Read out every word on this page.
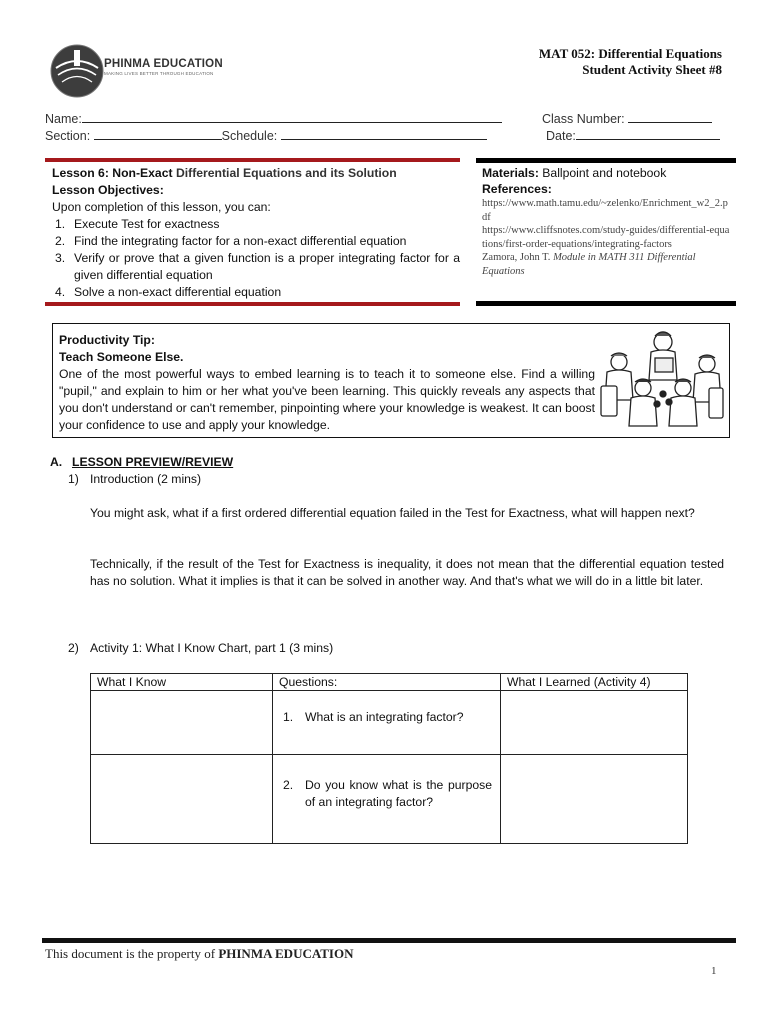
PHINMA EDUCATION
MAKING LIVES BETTER THROUGH EDUCATION
MAT 052: Differential Equations
Student Activity Sheet #8
Name:	Class Number:
Section:	Schedule:	Date:
Lesson 6: Non-Exact Differential Equations and its Solution
Lesson Objectives:
Upon completion of this lesson, you can:
1. Execute Test for exactness
2. Find the integrating factor for a non-exact differential equation
3. Verify or prove that a given function is a proper integrating factor for a given differential equation
4. Solve a non-exact differential equation
Materials: Ballpoint and notebook
References:
https://www.math.tamu.edu/~zelenko/Enrichment_w2_2.pdf
https://www.cliffsnotes.com/study-guides/differential-equations/first-order-equations/integrating-factors
Zamora, John T. Module in MATH 311 Differential Equations
Productivity Tip:
Teach Someone Else.
One of the most powerful ways to embed learning is to teach it to someone else. Find a willing "pupil," and explain to him or her what you've been learning. This quickly reveals any aspects that you don't understand or can't remember, pinpointing where your knowledge is weakest. It can boost your confidence to use and apply your knowledge.
A. LESSON PREVIEW/REVIEW
1) Introduction (2 mins)
You might ask, what if a first ordered differential equation failed in the Test for Exactness, what will happen next?
Technically, if the result of the Test for Exactness is inequality, it does not mean that the differential equation tested has no solution. What it implies is that it can be solved in another way. And that's what we will do in a little bit later.
2) Activity 1: What I Know Chart, part 1 (3 mins)
What I Know	Questions:	What I Learned (Activity 4)

	1. What is an integrating factor?	

	2. Do you know what is the purpose of an integrating factor?	

This document is the property of PHINMA EDUCATION
1
